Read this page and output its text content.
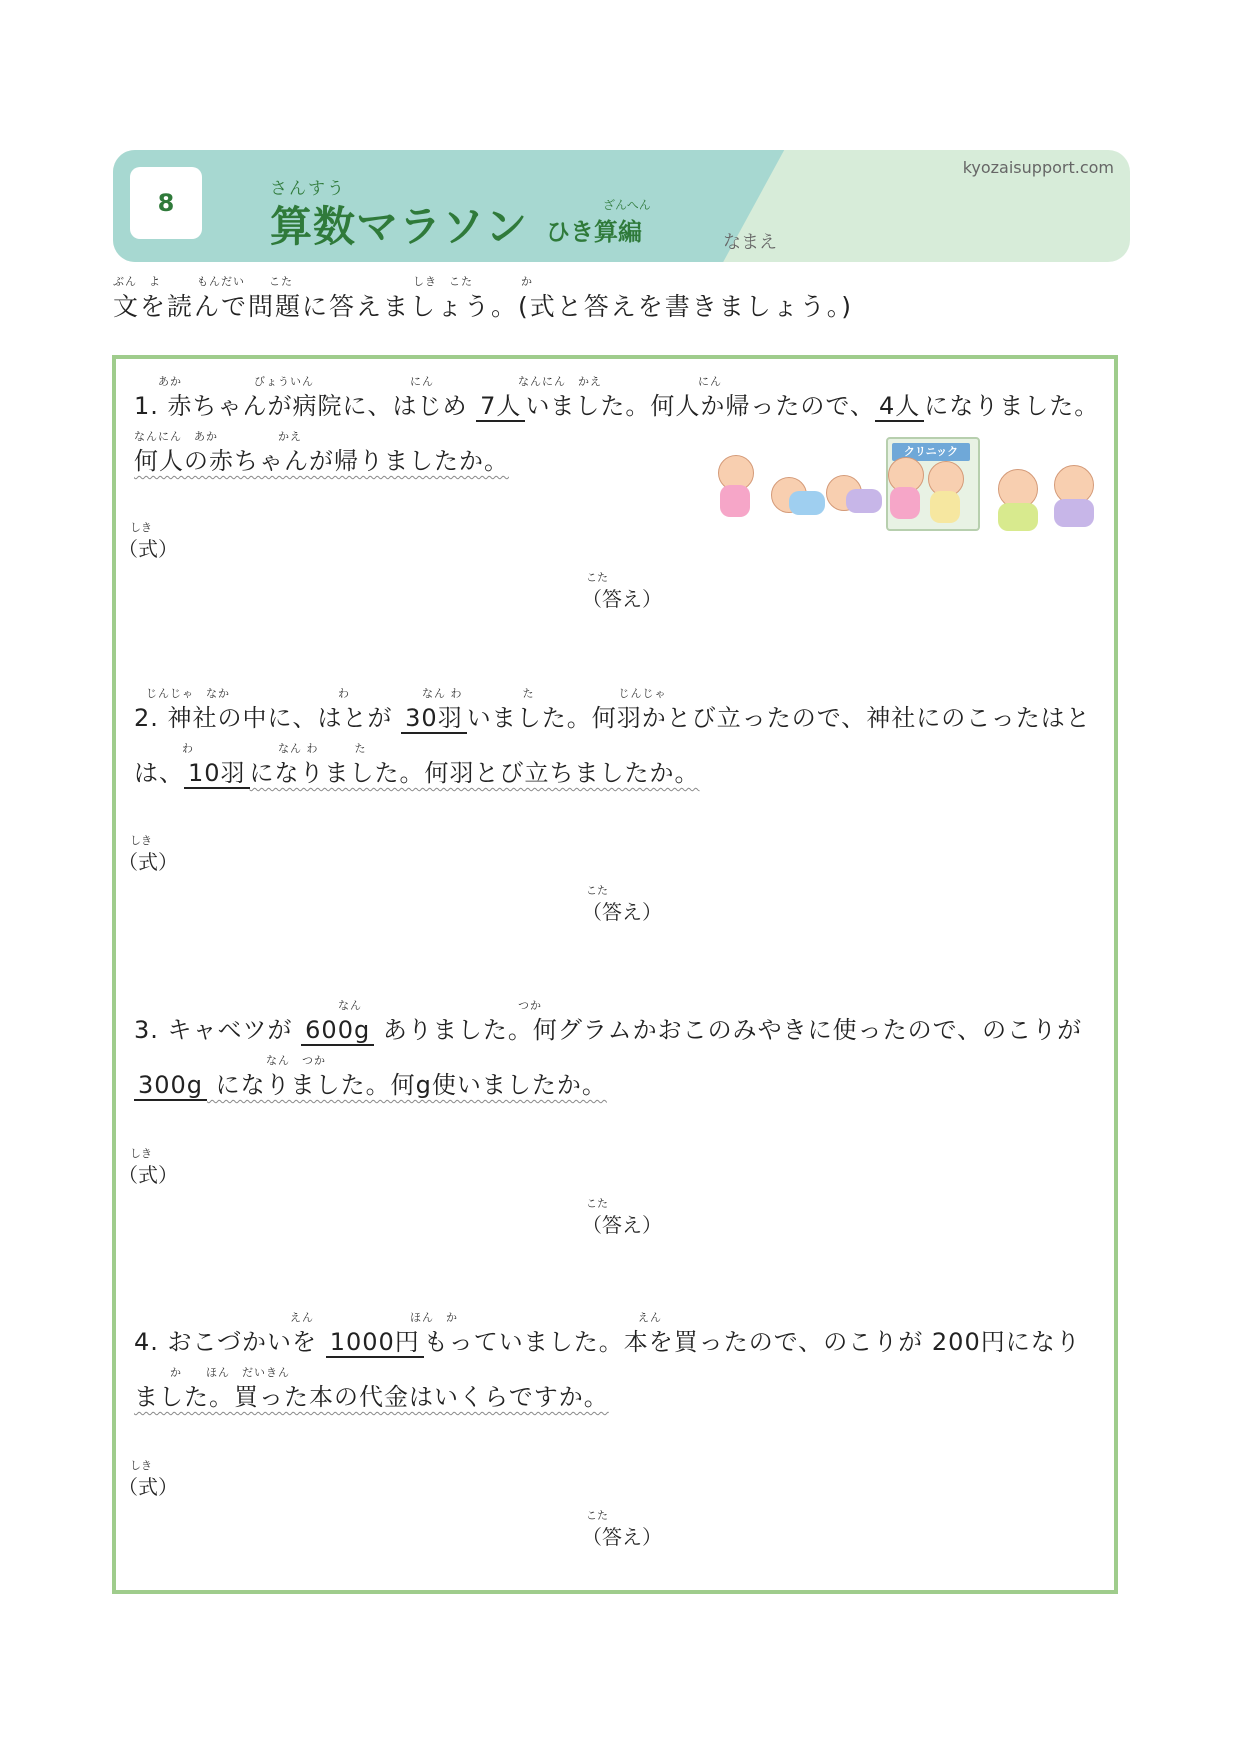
8	さんすう
算数マラソン	ざんへん
ひき算編
kyozaisupport.com
なまえ
ぶん　よ　　　もんだい　　こた　　　　　　　　　　しき　こた　　　　か
文を読んで問題に答えましょう。(式と答えを書きましょう。)
　　あか　　　　　　びょういん　　　　　　　　にん　　　　　　　なんにん　かえ　　　　　　　　にん
1. 赤ちゃんが病院に、はじめ 7人 いました。何人か帰ったので、 4人 になりました。
なんにん　あか　　　　　かえ
何人の赤ちゃんが帰りましたか。
しき
（式）
こた
（答え）
クリニック
　じんじゃ　なか　　　　　　　　　わ　　　　　　なん わ　　　　　た　　　　　　　じんじゃ
2. 神社の中に、はとが 30羽 いました。何羽かとび立ったので、神社にのこったはと
　　　　わ　　　　　　　なん わ　　　た
は、 10羽 になりました。何羽とび立ちましたか。
しき
（式）
こた
（答え）
　　　　　　　　　　　　　　　　　なん　　　　　　　　　　　　　つか
3. キャベツが 600g ありました。何グラムかおこのみやきに使ったので、のこりが
　　　　　　　　　　　なん　つか
300g になりました。何g使いましたか。
しき
（式）
こた
（答え）
　　　　　　　　　　　　　えん　　　　　　　　ほん　か　　　　　　　　　　　　　　　えん
4. おこづかいを 1000円 もっていました。本を買ったので、のこりが 200円になり
　　　か　　ほん　だいきん
ました。買った本の代金はいくらですか。
しき
（式）
こた
（答え）
